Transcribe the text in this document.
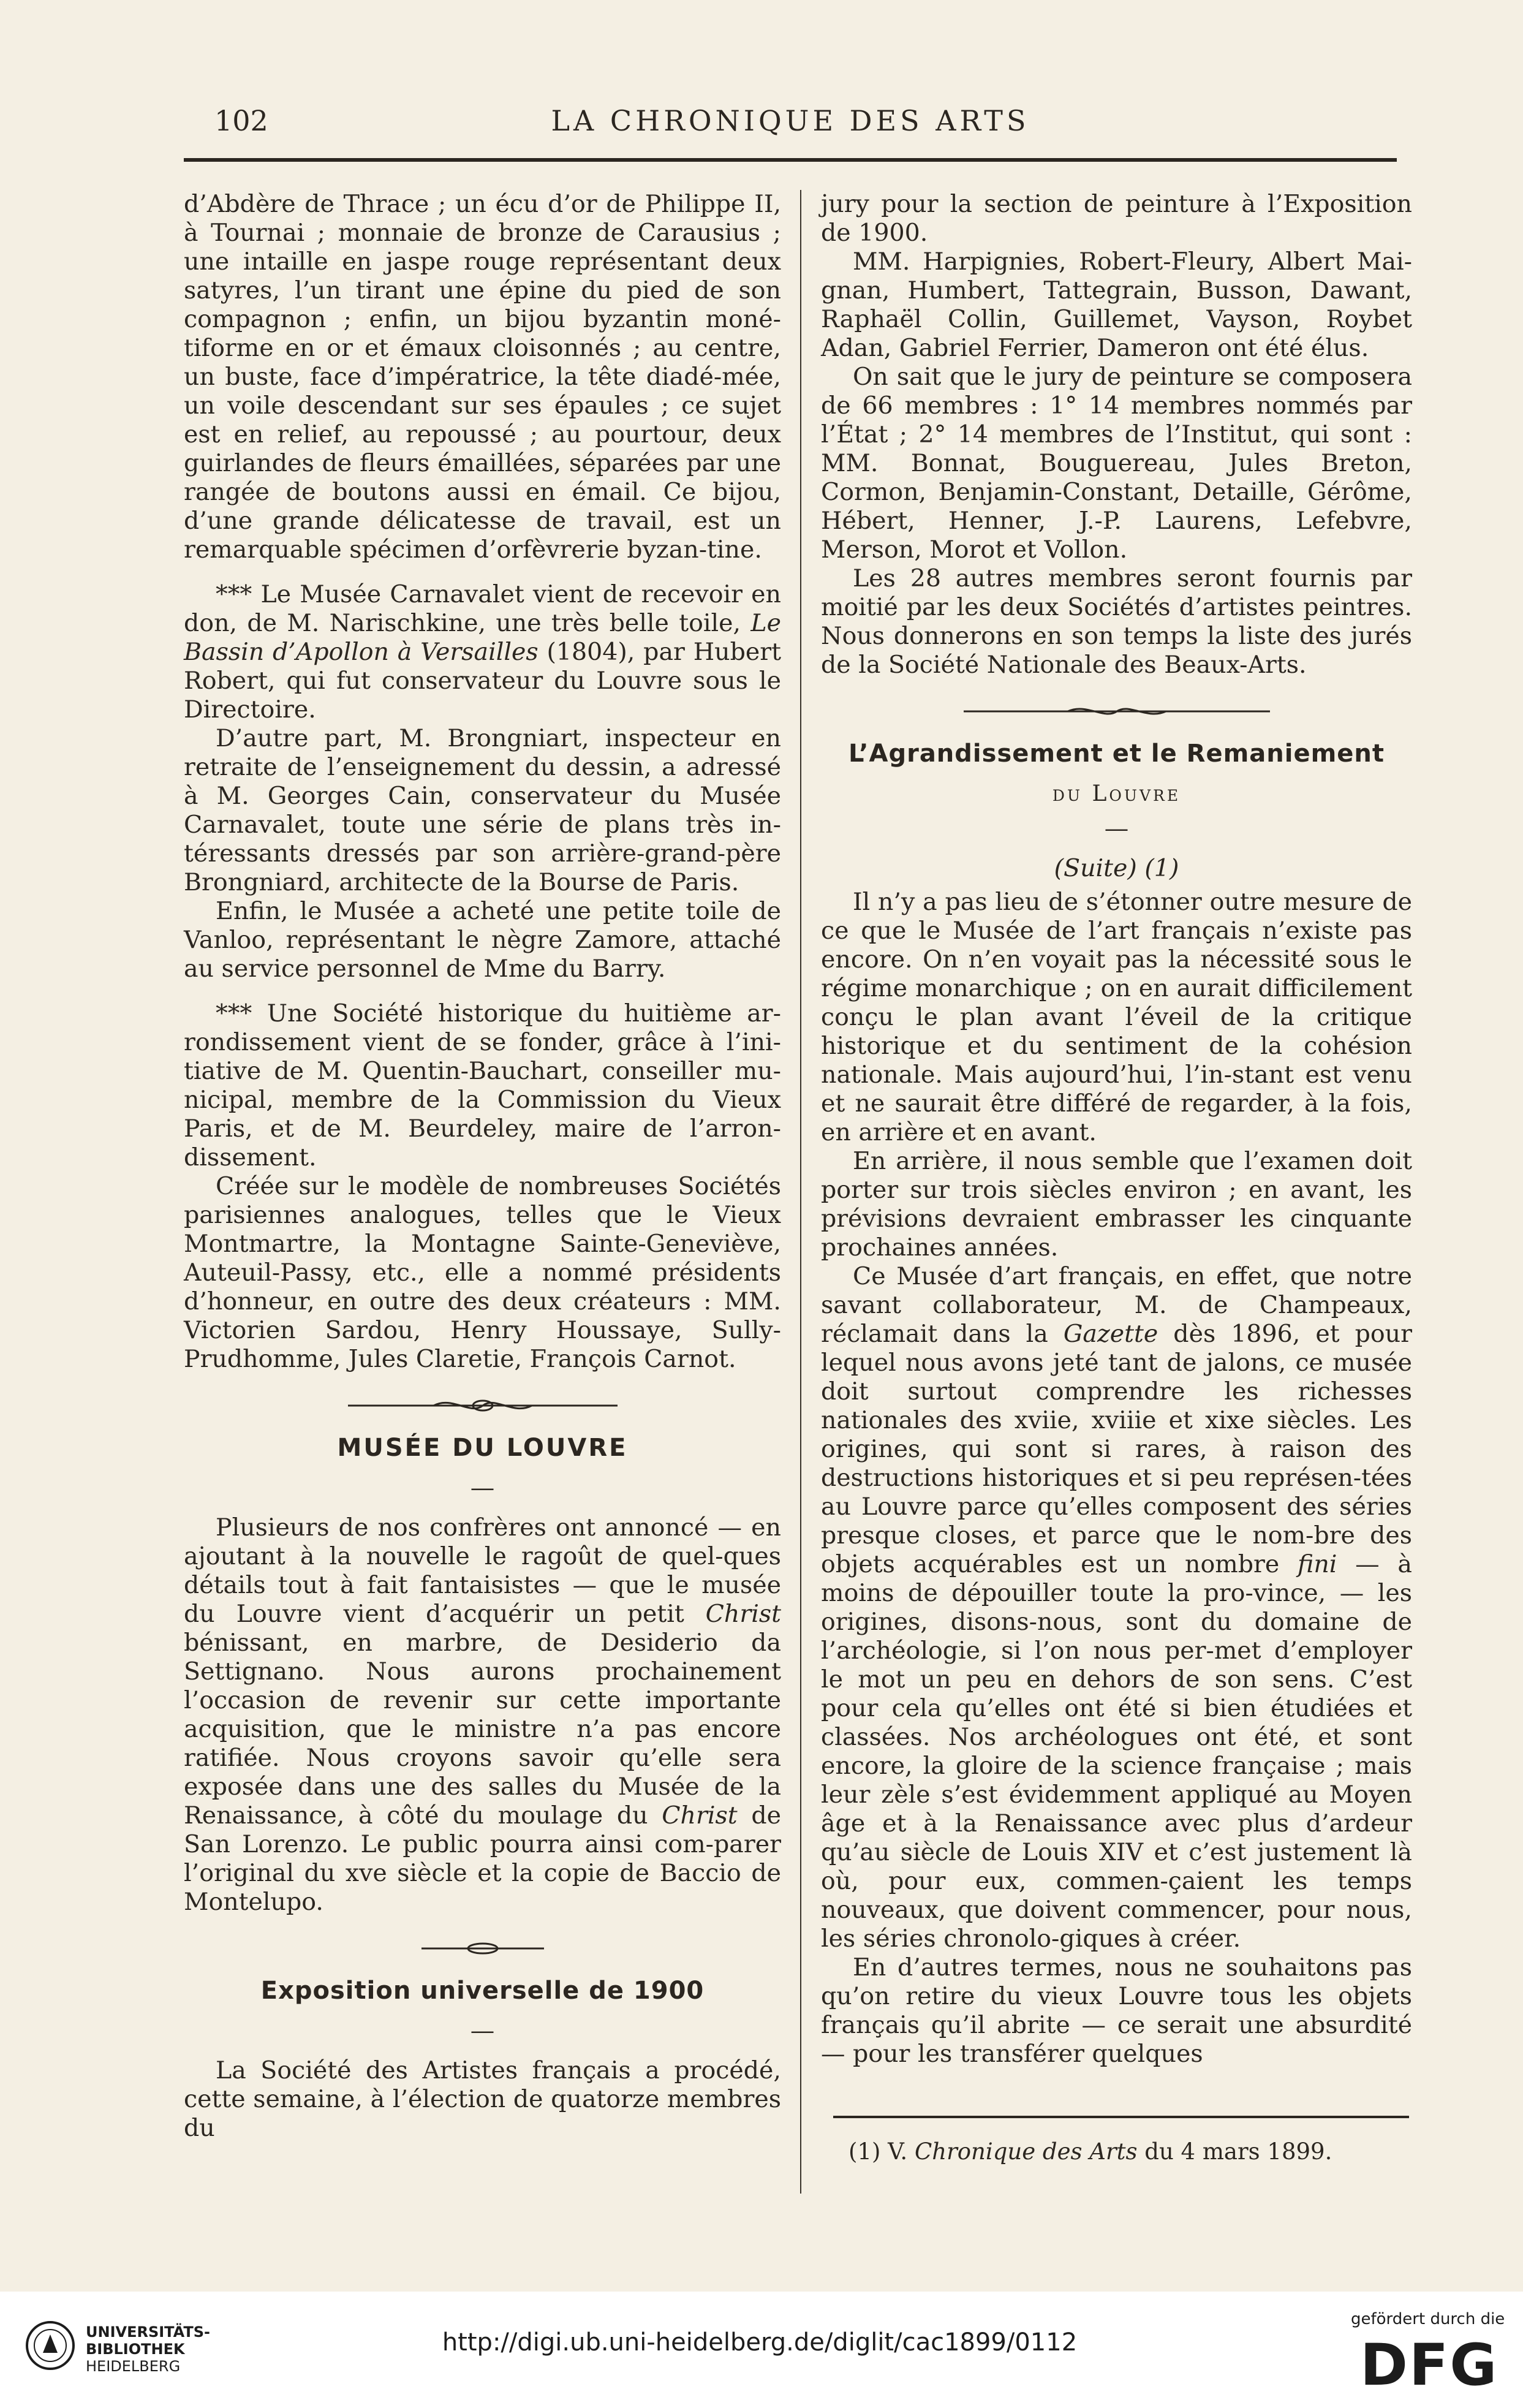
102	LA CHRONIQUE DES ARTS

d’Abdère de Thrace ; un écu d’or de Philippe II, à Tournai ; monnaie de bronze de Carausius ; une intaille en jaspe rouge représentant deux satyres, l’un tirant une épine du pied de son compagnon ; enfin, un bijou byzantin moné-tiforme en or et émaux cloisonnés ; au centre, un buste, face d’impératrice, la tête diadé-mée, un voile descendant sur ses épaules ; ce sujet est en relief, au repoussé ; au pourtour, deux guirlandes de fleurs émaillées, séparées par une rangée de boutons aussi en émail. Ce bijou, d’une grande délicatesse de travail, est un remarquable spécimen d’orfèvrerie byzan-tine.

*** Le Musée Carnavalet vient de recevoir en don, de M. Narischkine, une très belle toile, Le Bassin d’Apollon à Versailles (1804), par Hubert Robert, qui fut conservateur du Louvre sous le Directoire.

D’autre part, M. Brongniart, inspecteur en retraite de l’enseignement du dessin, a adressé à M. Georges Cain, conservateur du Musée Carnavalet, toute une série de plans très in-téressants dressés par son arrière-grand-père Brongniard, architecte de la Bourse de Paris.

Enfin, le Musée a acheté une petite toile de Vanloo, représentant le nègre Zamore, attaché au service personnel de Mme du Barry.

*** Une Société historique du huitième ar-rondissement vient de se fonder, grâce à l’ini-tiative de M. Quentin-Bauchart, conseiller mu-nicipal, membre de la Commission du Vieux Paris, et de M. Beurdeley, maire de l’arron-dissement.

Créée sur le modèle de nombreuses Sociétés parisiennes analogues, telles que le Vieux Montmartre, la Montagne Sainte-Geneviève, Auteuil-Passy, etc., elle a nommé présidents d’honneur, en outre des deux créateurs : MM. Victorien Sardou, Henry Houssaye, Sully-Prudhomme, Jules Claretie, François Carnot.

MUSÉE DU LOUVRE
—

Plusieurs de nos confrères ont annoncé — en ajoutant à la nouvelle le ragoût de quel-ques détails tout à fait fantaisistes — que le musée du Louvre vient d’acquérir un petit Christ bénissant, en marbre, de Desiderio da Settignano. Nous aurons prochainement l’occasion de revenir sur cette importante acquisition, que le ministre n’a pas encore ratifiée. Nous croyons savoir qu’elle sera exposée dans une des salles du Musée de la Renaissance, à côté du moulage du Christ de San Lorenzo. Le public pourra ainsi com-parer l’original du xve siècle et la copie de Baccio de Montelupo.

Exposition universelle de 1900
—

La Société des Artistes français a procédé, cette semaine, à l’élection de quatorze membres du

jury pour la section de peinture à l’Exposition de 1900.

MM. Harpignies, Robert-Fleury, Albert Mai-gnan, Humbert, Tattegrain, Busson, Dawant, Raphaël Collin, Guillemet, Vayson, Roybet Adan, Gabriel Ferrier, Dameron ont été élus.

On sait que le jury de peinture se composera de 66 membres : 1° 14 membres nommés par l’État ; 2° 14 membres de l’Institut, qui sont : MM. Bonnat, Bouguereau, Jules Breton, Cormon, Benjamin-Constant, Detaille, Gérôme, Hébert, Henner, J.-P. Laurens, Lefebvre, Merson, Morot et Vollon.

Les 28 autres membres seront fournis par moitié par les deux Sociétés d’artistes peintres. Nous donnerons en son temps la liste des jurés de la Société Nationale des Beaux-Arts.

L’Agrandissement et le Remaniement
du Louvre
—
(Suite) (1)

Il n’y a pas lieu de s’étonner outre mesure de ce que le Musée de l’art français n’existe pas encore. On n’en voyait pas la nécessité sous le régime monarchique ; on en aurait difficilement conçu le plan avant l’éveil de la critique historique et du sentiment de la cohésion nationale. Mais aujourd’hui, l’in-stant est venu et ne saurait être différé de regarder, à la fois, en arrière et en avant.

En arrière, il nous semble que l’examen doit porter sur trois siècles environ ; en avant, les prévisions devraient embrasser les cinquante prochaines années.

Ce Musée d’art français, en effet, que notre savant collaborateur, M. de Champeaux, réclamait dans la Gazette dès 1896, et pour lequel nous avons jeté tant de jalons, ce musée doit surtout comprendre les richesses nationales des xviie, xviiie et xixe siècles. Les origines, qui sont si rares, à raison des destructions historiques et si peu représen-tées au Louvre parce qu’elles composent des séries presque closes, et parce que le nom-bre des objets acquérables est un nombre fini — à moins de dépouiller toute la pro-vince, — les origines, disons-nous, sont du domaine de l’archéologie, si l’on nous per-met d’employer le mot un peu en dehors de son sens. C’est pour cela qu’elles ont été si bien étudiées et classées. Nos archéologues ont été, et sont encore, la gloire de la science française ; mais leur zèle s’est évidemment appliqué au Moyen âge et à la Renaissance avec plus d’ardeur qu’au siècle de Louis XIV et c’est justement là où, pour eux, commen-çaient les temps nouveaux, que doivent commencer, pour nous, les séries chronolo-giques à créer.

En d’autres termes, nous ne souhaitons pas qu’on retire du vieux Louvre tous les objets français qu’il abrite — ce serait une absurdité — pour les transférer quelques

(1) V. Chronique des Arts du 4 mars 1899.
UNIVERSITÄTS-
BIBLIOTHEK
HEIDELBERG
http://digi.ub.uni-heidelberg.de/diglit/cac1899/0112
gefördert durch die
DFG
